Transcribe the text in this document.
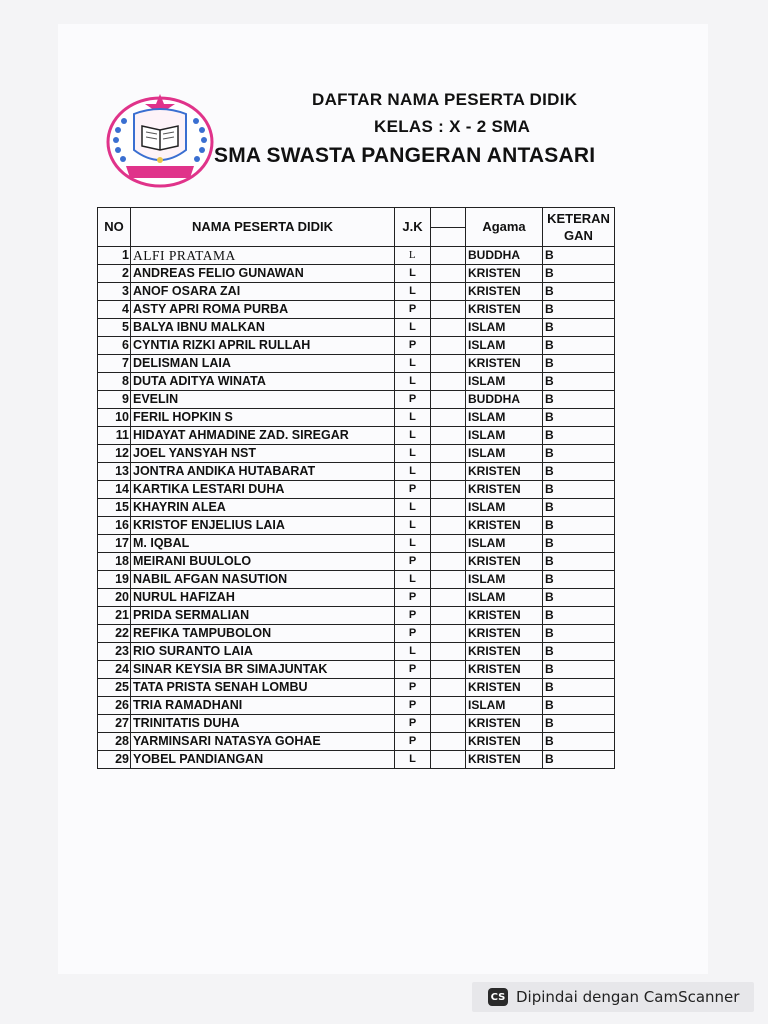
DAFTAR NAMA PESERTA DIDIK
KELAS : X - 2 SMA
SMA SWASTA PANGERAN ANTASARI
NO	NAMA PESERTA DIDIK	J.K		Agama	KETERAN GAN
1	ALFI PRATAMA	L		BUDDHA	B
2	ANDREAS FELIO GUNAWAN	L		KRISTEN	B
3	ANOF OSARA ZAI	L		KRISTEN	B
4	ASTY APRI ROMA PURBA	P		KRISTEN	B
5	BALYA IBNU MALKAN	L		ISLAM	B
6	CYNTIA RIZKI APRIL RULLAH	P		ISLAM	B
7	DELISMAN LAIA	L		KRISTEN	B
8	DUTA ADITYA WINATA	L		ISLAM	B
9	EVELIN	P		BUDDHA	B
10	FERIL HOPKIN S	L		ISLAM	B
11	HIDAYAT AHMADINE ZAD. SIREGAR	L		ISLAM	B
12	JOEL YANSYAH NST	L		ISLAM	B
13	JONTRA ANDIKA HUTABARAT	L		KRISTEN	B
14	KARTIKA LESTARI DUHA	P		KRISTEN	B
15	KHAYRIN ALEA	L		ISLAM	B
16	KRISTOF ENJELIUS LAIA	L		KRISTEN	B
17	M. IQBAL	L		ISLAM	B
18	MEIRANI BUULOLO	P		KRISTEN	B
19	NABIL AFGAN NASUTION	L		ISLAM	B
20	NURUL HAFIZAH	P		ISLAM	B
21	PRIDA SERMALIAN	P		KRISTEN	B
22	REFIKA TAMPUBOLON	P		KRISTEN	B
23	RIO SURANTO LAIA	L		KRISTEN	B
24	SINAR KEYSIA BR SIMAJUNTAK	P		KRISTEN	B
25	TATA PRISTA SENAH LOMBU	P		KRISTEN	B
26	TRIA RAMADHANI	P		ISLAM	B
27	TRINITATIS DUHA	P		KRISTEN	B
28	YARMINSARI NATASYA GOHAE	P		KRISTEN	B
29	YOBEL PANDIANGAN	L		KRISTEN	B
CS Dipindai dengan CamScanner
